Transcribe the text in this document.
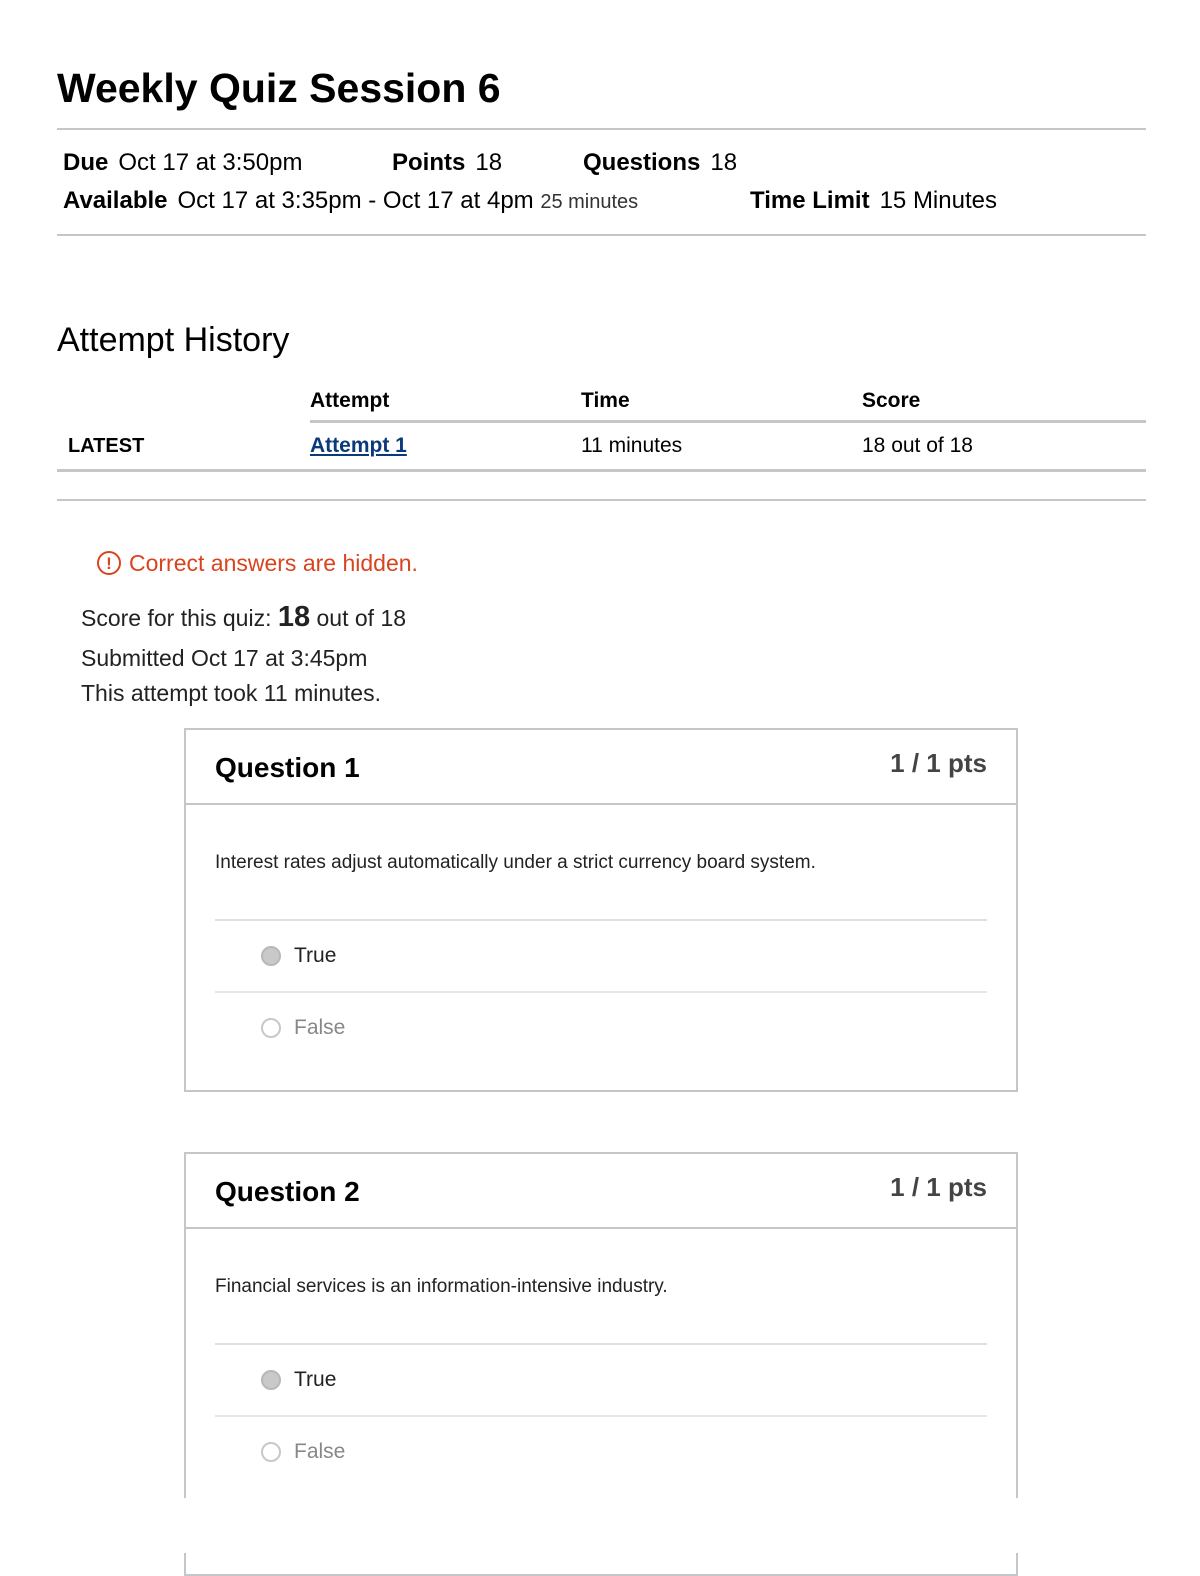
Weekly Quiz Session 6
Due Oct 17 at 3:50pm	Points 18	Questions 18
Available Oct 17 at 3:35pm - Oct 17 at 4pm 25 minutes	Time Limit 15 Minutes
Attempt History
	Attempt	Time	Score
LATEST	Attempt 1	11 minutes	18 out of 18
! Correct answers are hidden.
Score for this quiz: 18 out of 18
Submitted Oct 17 at 3:45pm
This attempt took 11 minutes.
Question 1	1 / 1 pts
Interest rates adjust automatically under a strict currency board system.
True
False
Question 2	1 / 1 pts
Financial services is an information-intensive industry.
True
False
